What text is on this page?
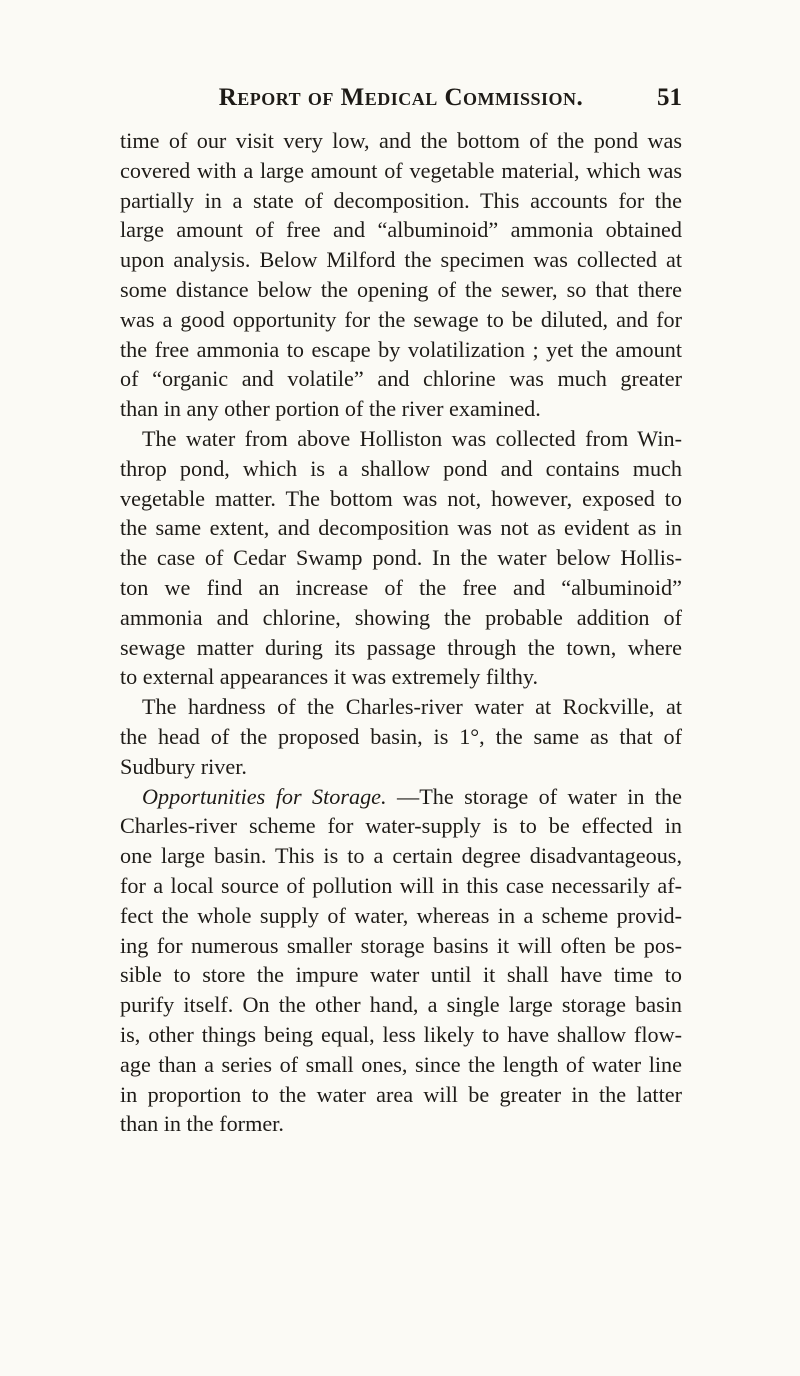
Report of Medical Commission.	51
time of our visit very low, and the bottom of the pond was
covered with a large amount of vegetable material, which was
partially in a state of decomposition. This accounts for the
large amount of free and “albuminoid” ammonia obtained
upon analysis. Below Milford the specimen was collected at
some distance below the opening of the sewer, so that there
was a good opportunity for the sewage to be diluted, and for
the free ammonia to escape by volatilization ; yet the amount
of “organic and volatile” and chlorine was much greater
than in any other portion of the river examined.
The water from above Holliston was collected from Win-
throp pond, which is a shallow pond and contains much
vegetable matter. The bottom was not, however, exposed to
the same extent, and decomposition was not as evident as in
the case of Cedar Swamp pond. In the water below Hollis-
ton we find an increase of the free and “albuminoid”
ammonia and chlorine, showing the probable addition of
sewage matter during its passage through the town, where
to external appearances it was extremely filthy.
The hardness of the Charles-river water at Rockville, at
the head of the proposed basin, is 1°, the same as that of
Sudbury river.
Opportunities for Storage. —The storage of water in the
Charles-river scheme for water-supply is to be effected in
one large basin. This is to a certain degree disadvantageous,
for a local source of pollution will in this case necessarily af-
fect the whole supply of water, whereas in a scheme provid-
ing for numerous smaller storage basins it will often be pos-
sible to store the impure water until it shall have time to
purify itself. On the other hand, a single large storage basin
is, other things being equal, less likely to have shallow flow-
age than a series of small ones, since the length of water line
in proportion to the water area will be greater in the latter
than in the former.
